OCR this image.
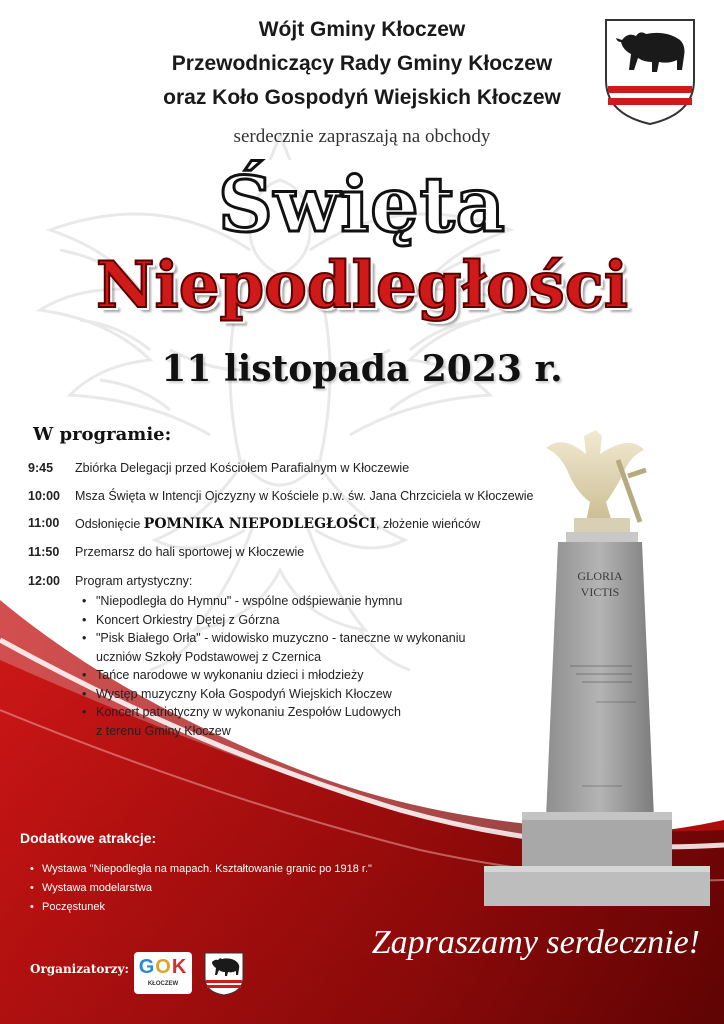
Wójt Gminy Kłoczew
Przewodniczący Rady Gminy Kłoczew
oraz Koło Gospodyń Wiejskich Kłoczew
serdecznie zapraszają na obchody
Święta
Niepodległości
11 listopada 2023 r.
W programie:
9:45	Zbiórka Delegacji przed Kościołem Parafialnym w Kłoczewie
10:00	Msza Święta w Intencji Ojczyzny w Kościele p.w. św. Jana Chrzciciela w Kłoczewie
11:00	Odsłonięcie POMNIKA NIEPODLEGŁOŚCI, złożenie wieńców
11:50	Przemarsz do hali sportowej w Kłoczewie
12:00	Program artystyczny:
• "Niepodległa do Hymnu" - wspólne odśpiewanie hymnu
• Koncert Orkiestry Dętej z Górzna
• "Pisk Białego Orła" - widowisko muzyczno - taneczne w wykonaniu
uczniów Szkoły Podstawowej z Czernica
• Tańce narodowe w wykonaniu dzieci i młodzieży
• Występ muzyczny Koła Gospodyń Wiejskich Kłoczew
• Koncert patriotyczny w wykonaniu Zespołów Ludowych
z terenu Gminy Kłoczew
GLORIA
VICTIS
Dodatkowe atrakcje:
• Wystawa "Niepodległa na mapach. Kształtowanie granic po 1918 r."
• Wystawa modelarstwa
• Poczęstunek
Zapraszamy serdecznie!
Organizatorzy: GOK
KŁOCZEW
